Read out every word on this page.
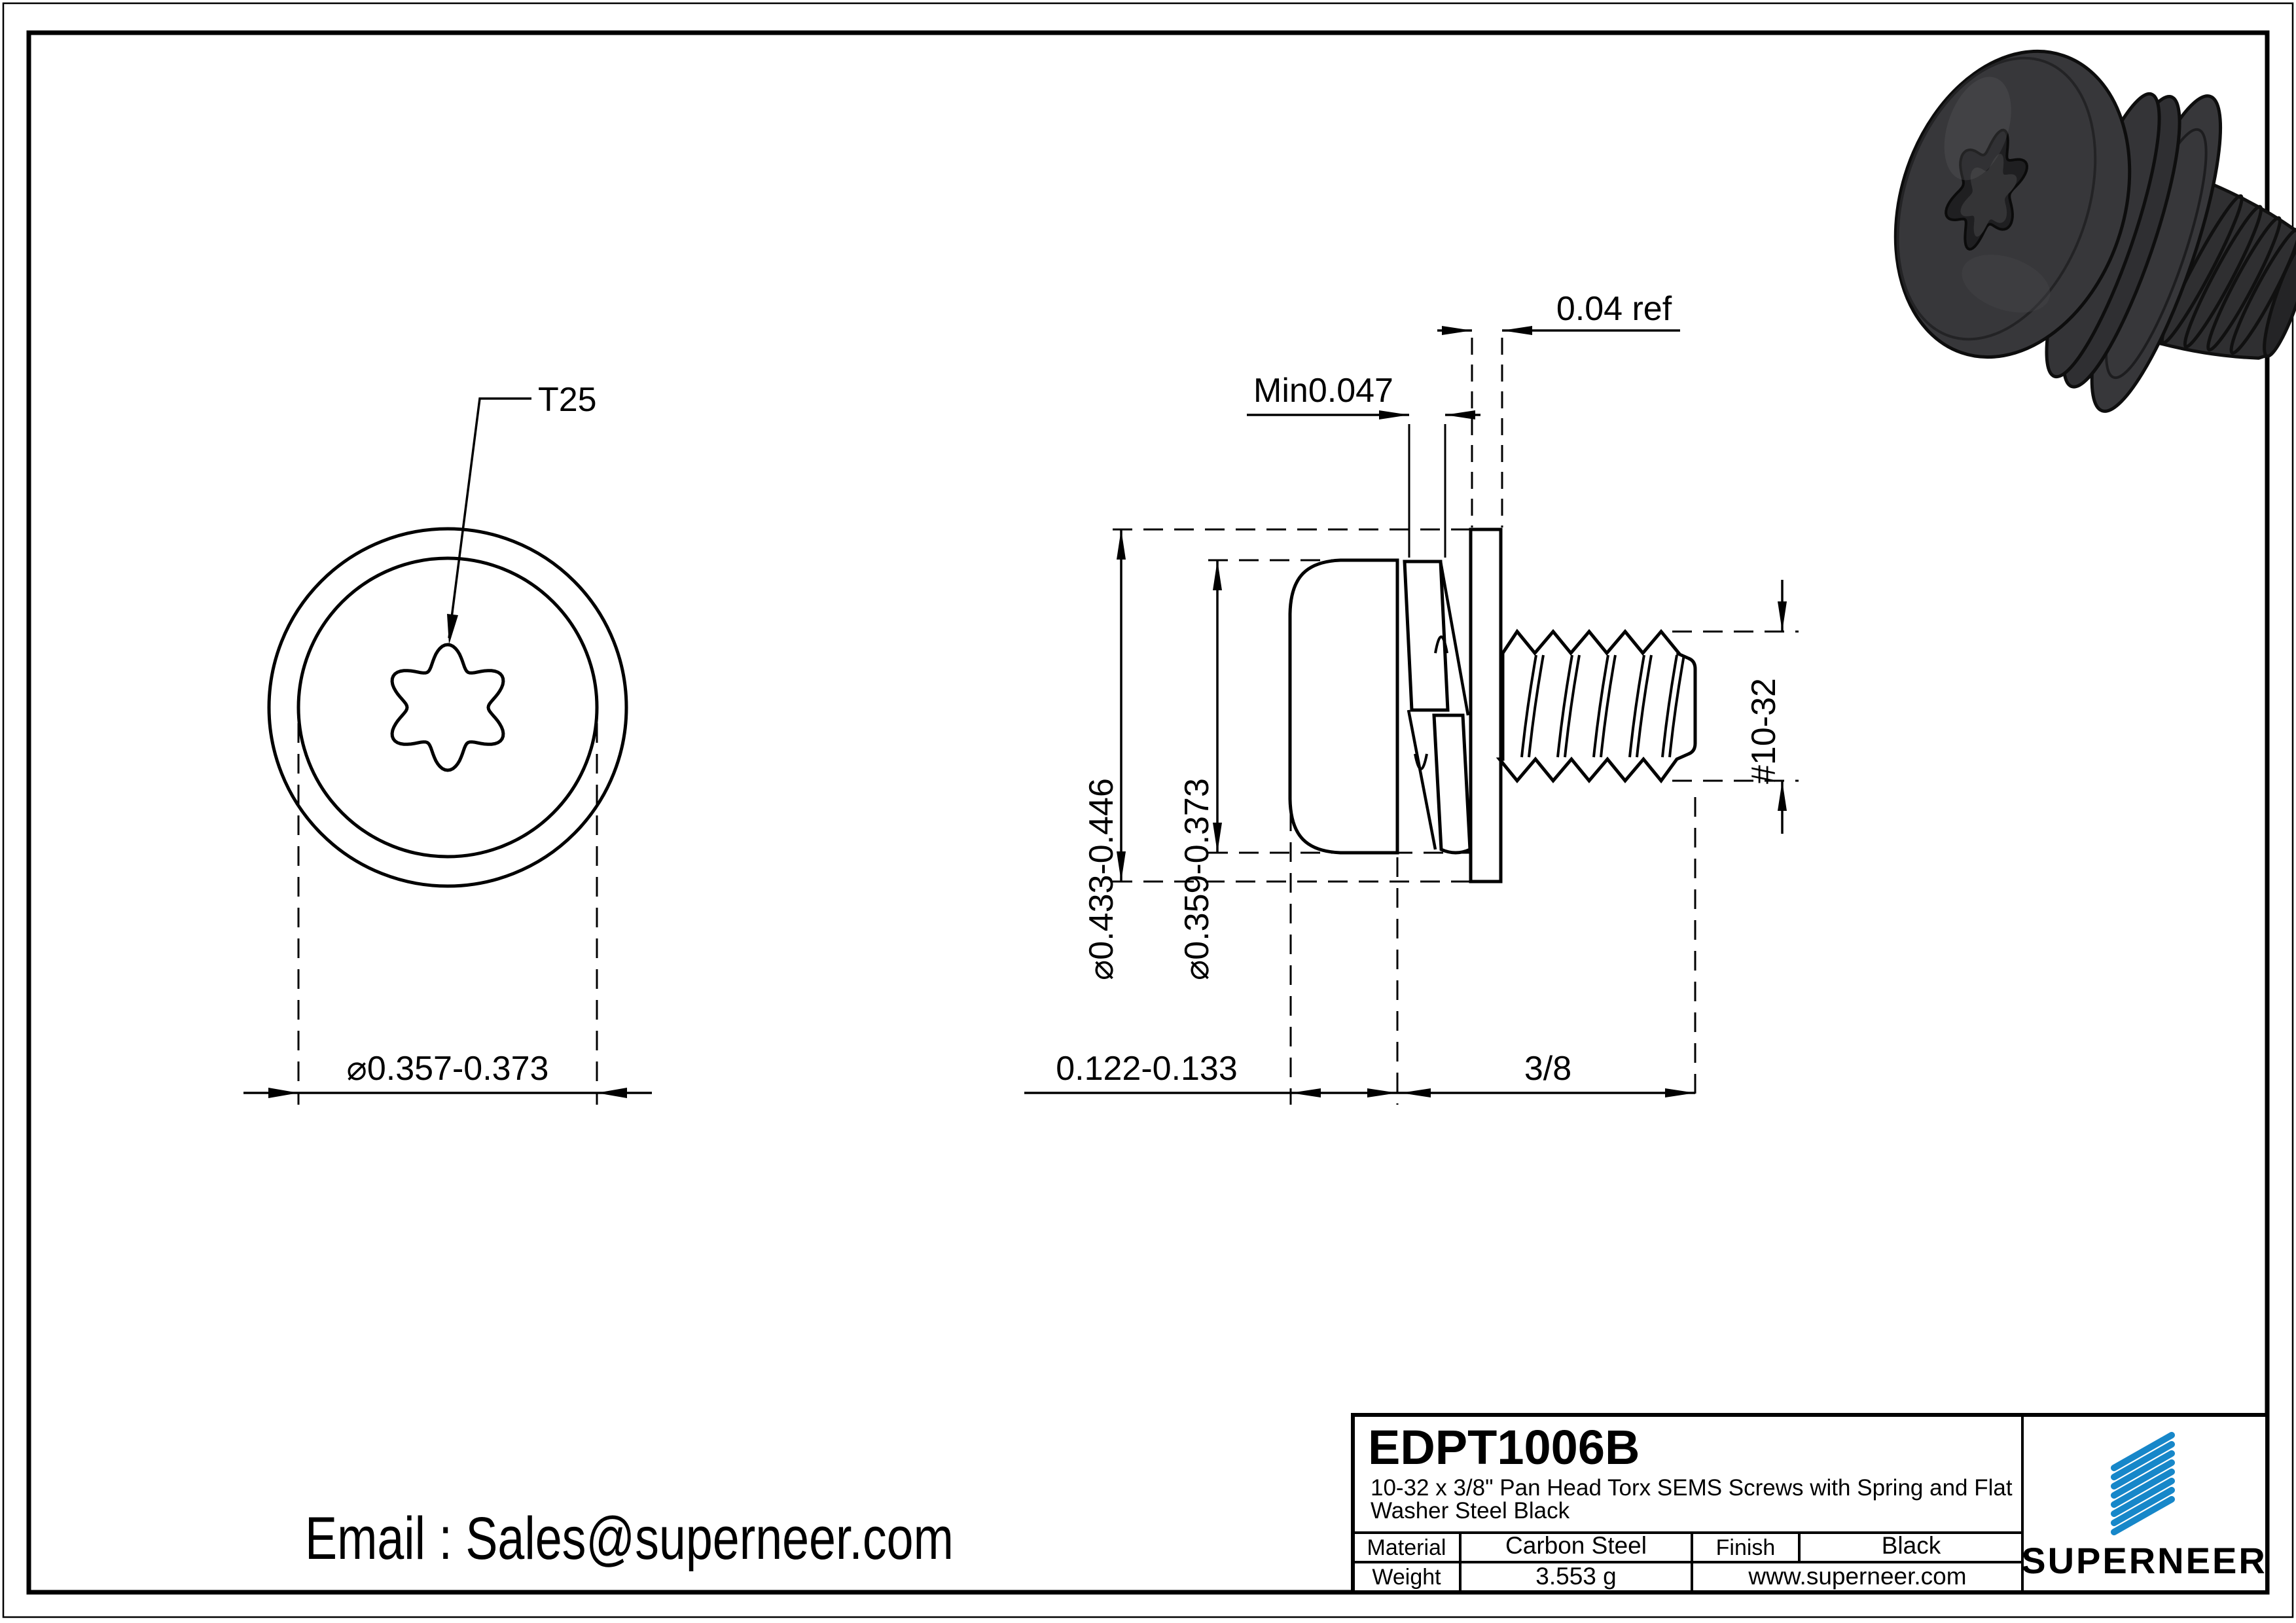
T25
⌀0.357-0.373
⌀0.433-0.446 ⌀0.359-0.373
Min0.047
0.04 ref
#10-32
0.122-0.133	3/8
EDPT1006B
10-32 x 3/8" Pan Head Torx SEMS Screws with Spring and Flat
Washer Steel Black
Material Carbon Steel	Finish	Black
Weight	3.553 g	www.superneer.com SUPERNEER
Email : Sales@superneer.com
